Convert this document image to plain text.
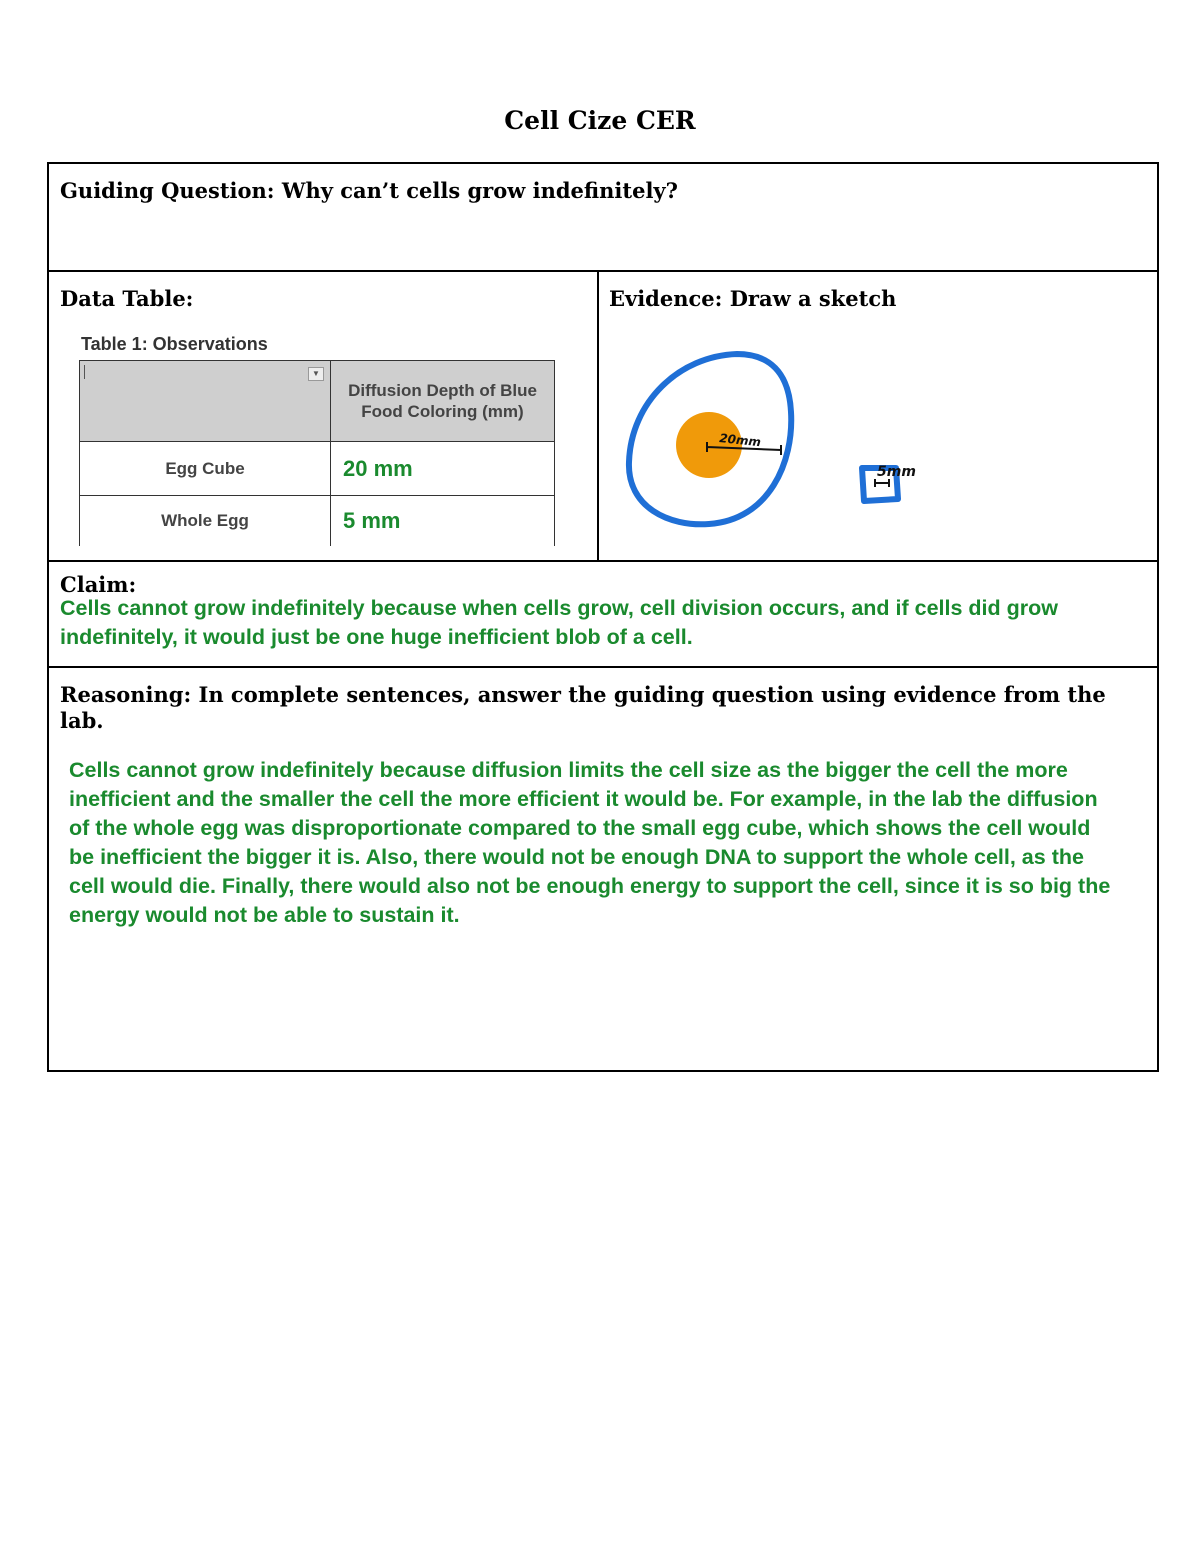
Cell Cize CER
Guiding Question: Why can’t cells grow indefinitely?
Data Table:
Table 1: Observations
▼	Diffusion Depth of Blue Food Coloring (mm)
Egg Cube	20 mm
Whole Egg	5 mm
Evidence: Draw a sketch
20mm
5mm
Claim:
Cells cannot grow indefinitely because when cells grow, cell division occurs, and if cells did grow indefinitely, it would just be one huge inefficient blob of a cell.
Reasoning: In complete sentences, answer the guiding question using evidence from the lab.
Cells cannot grow indefinitely because diffusion limits the cell size as the bigger the cell the more inefficient and the smaller the cell the more efficient it would be. For example, in the lab the diffusion of the whole egg was disproportionate compared to the small egg cube, which shows the cell would be inefficient the bigger it is. Also, there would not be enough DNA to support the whole cell, as the cell would die. Finally, there would also not be enough energy to support the cell, since it is so big the energy would not be able to sustain it.
